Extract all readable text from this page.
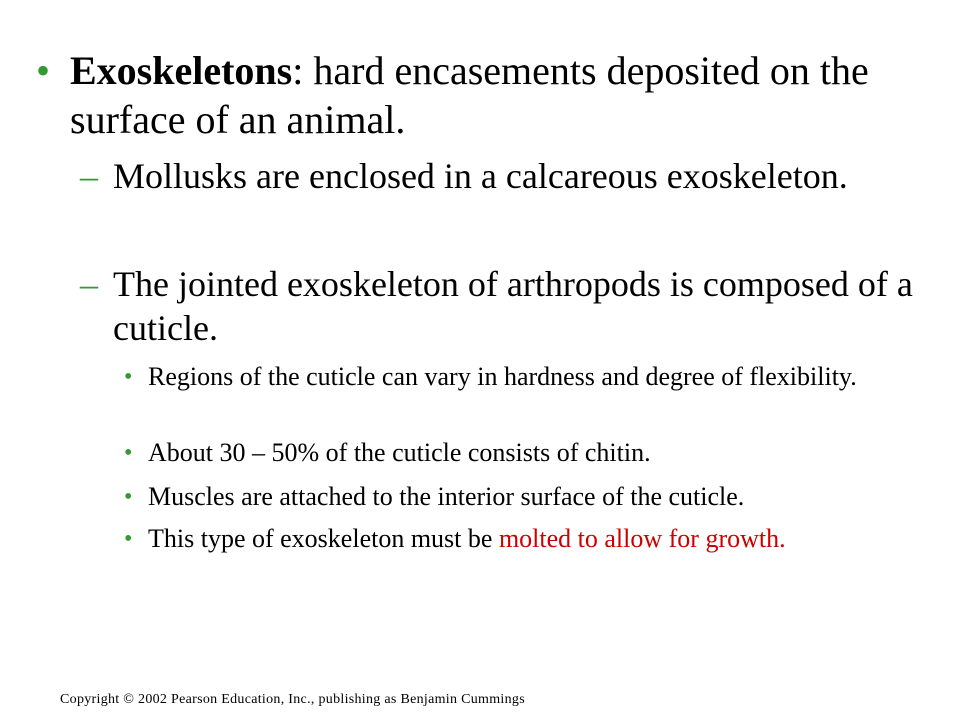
• Exoskeletons: hard encasements deposited on the surface of an animal.
– Mollusks are enclosed in a calcareous exoskeleton.
– The jointed exoskeleton of arthropods is composed of a cuticle.
• Regions of the cuticle can vary in hardness and degree of flexibility.
• About 30 – 50% of the cuticle consists of chitin.
• Muscles are attached to the interior surface of the cuticle.
• This type of exoskeleton must be molted to allow for growth.
Copyright © 2002 Pearson Education, Inc., publishing as Benjamin Cummings
